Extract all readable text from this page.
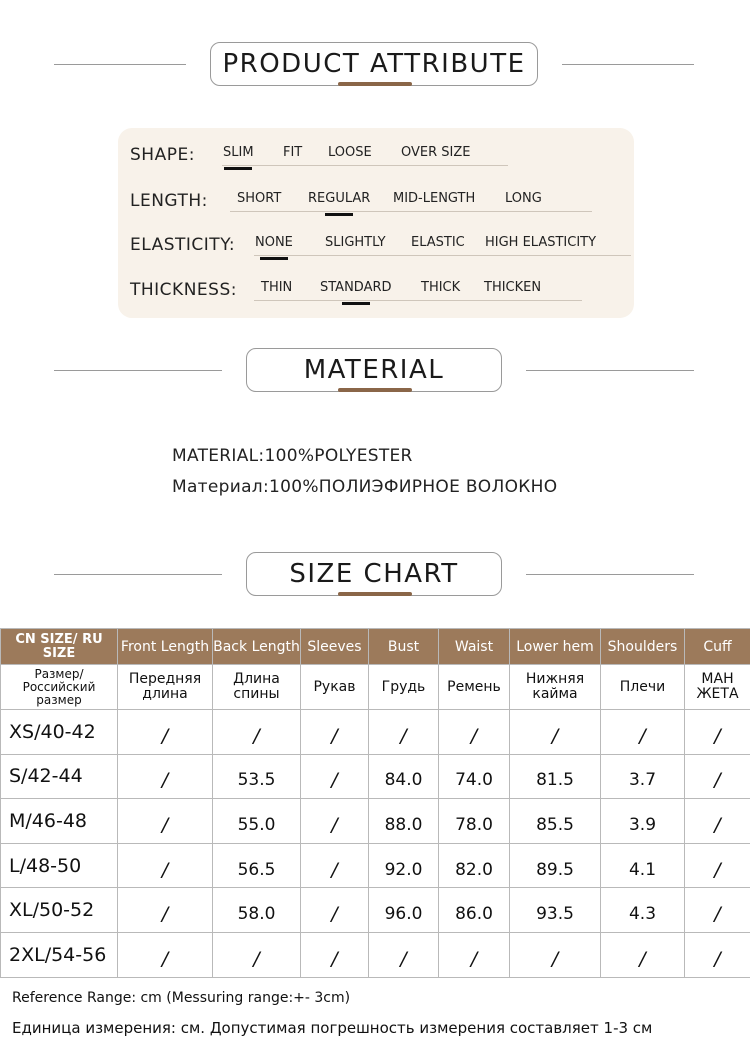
PRODUCT ATTRIBUTE
SHAPE: SLIM FIT LOOSE OVER SIZE
LENGTH: SHORT REGULAR MID-LENGTH LONG
ELASTICITY: NONE SLIGHTLY ELASTIC HIGH ELASTICITY
THICKNESS: THIN STANDARD THICK THICKEN
MATERIAL
MATERIAL:100%POLYESTER
Материал:100%ПОЛИЭФИРНОЕ ВОЛОКНО
SIZE CHART
CN SIZE/ RU SIZE	Front Length	Back Length	Sleeves	Bust	Waist	Lower hem	Shoulders	Cuff
Размер/ Российский размер	Передняя длина	Длина спины	Рукав	Грудь	Ремень	Нижняя кайма	Плечи	МАН ЖЕТА
XS/40-42	/	/	/	/	/	/	/	/
S/42-44	/	53.5	/	84.0	74.0	81.5	3.7	/
M/46-48	/	55.0	/	88.0	78.0	85.5	3.9	/
L/48-50	/	56.5	/	92.0	82.0	89.5	4.1	/
XL/50-52	/	58.0	/	96.0	86.0	93.5	4.3	/
2XL/54-56	/	/	/	/	/	/	/	/
Reference Range: cm (Messuring range:+- 3cm)
Единица измерения: см. Допустимая погрешность измерения составляет 1-3 см
